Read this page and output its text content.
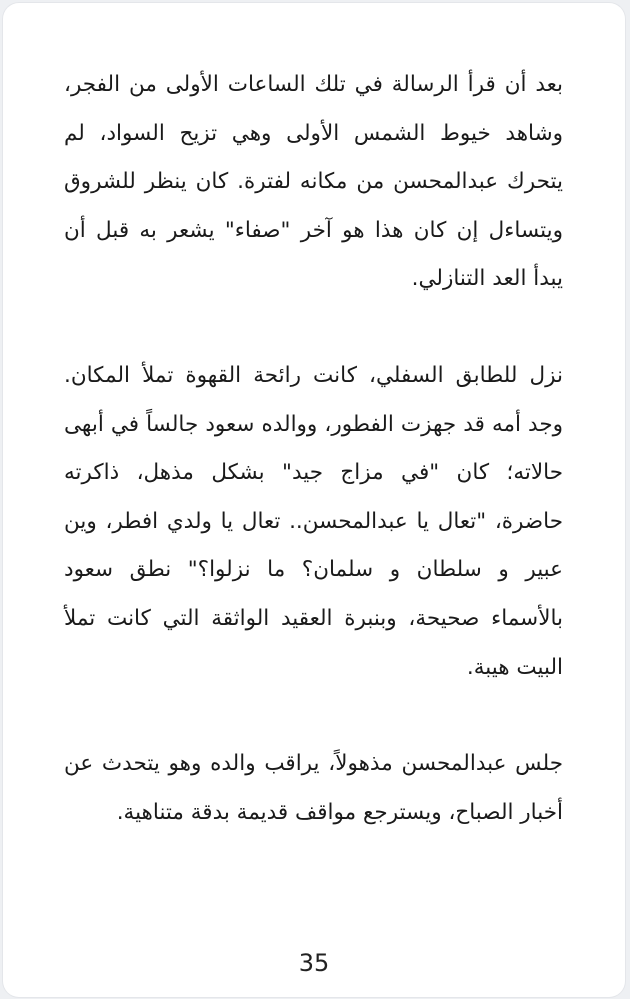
بعد أن قرأ الرسالة في تلك الساعات الأولى من الفجر، وشاهد خيوط الشمس الأولى وهي تزيح السواد، لم يتحرك عبدالمحسن من مكانه لفترة. كان ينظر للشروق ويتساءل إن كان هذا هو آخر "صفاء" يشعر به قبل أن يبدأ العد التنازلي.

نزل للطابق السفلي، كانت رائحة القهوة تملأ المكان. وجد أمه قد جهزت الفطور، ووالده سعود جالساً في أبهى حالاته؛ كان "في مزاج جيد" بشكل مذهل، ذاكرته حاضرة، "تعال يا عبدالمحسن.. تعال يا ولدي افطر، وين عبير و سلطان و سلمان؟ ما نزلوا؟" نطق سعود بالأسماء صحيحة، وبنبرة العقيد الواثقة التي كانت تملأ البيت هيبة.

جلس عبدالمحسن مذهولاً، يراقب والده وهو يتحدث عن أخبار الصباح، ويسترجع مواقف قديمة بدقة متناهية.

35
